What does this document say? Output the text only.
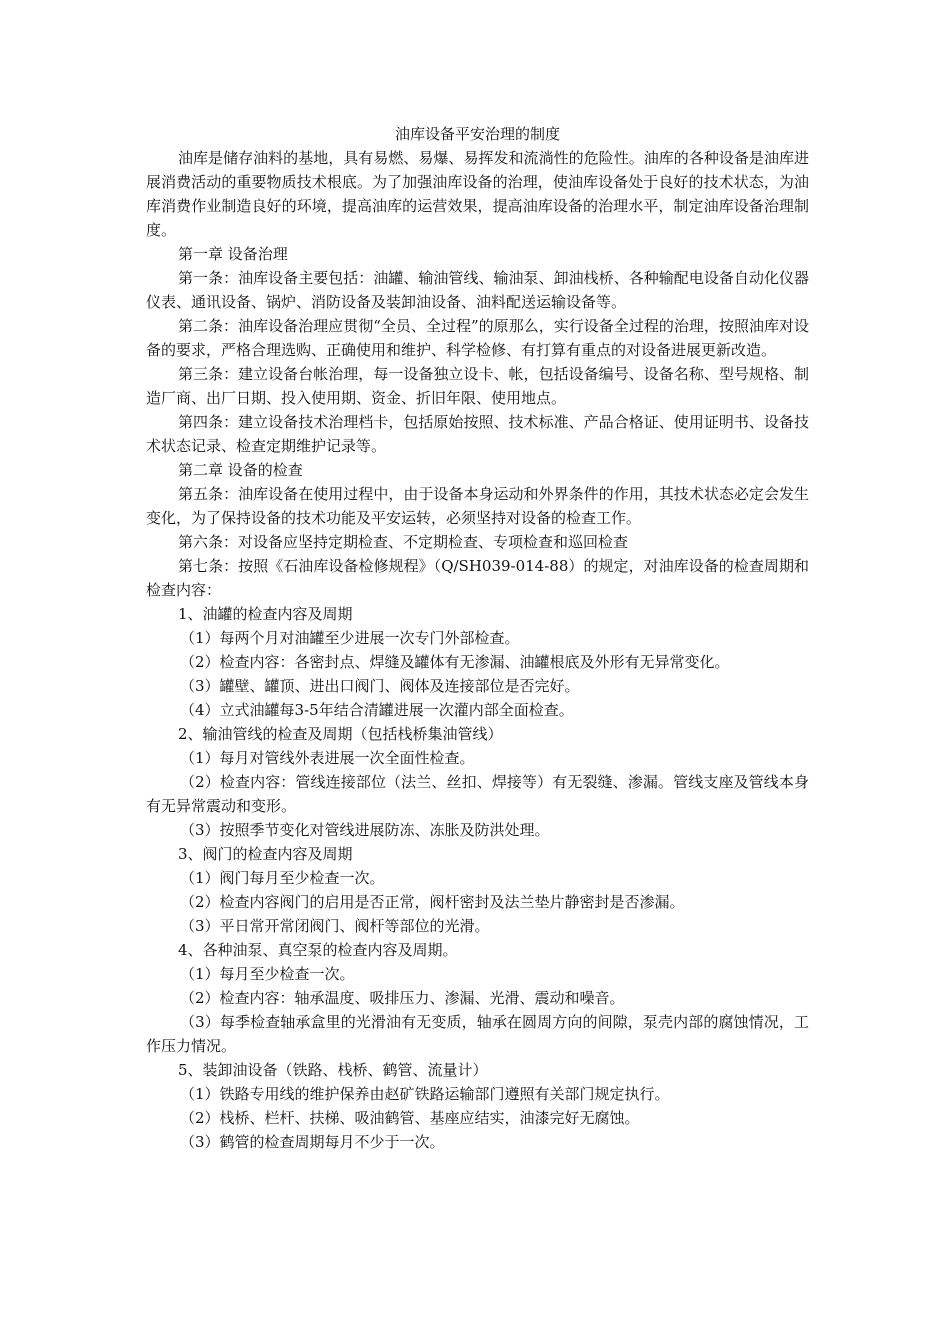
油库设备平安治理的制度

油库是储存油料的基地，具有易燃、易爆、易挥发和流淌性的危险性。油库的各种设备是油库进展消费活动的重要物质技术根底。为了加强油库设备的治理，使油库设备处于良好的技术状态，为油库消费作业制造良好的环境，提高油库的运营效果，提高油库设备的治理水平，制定油库设备治理制度。

第一章 设备治理

第一条：油库设备主要包括：油罐、输油管线、输油泵、卸油栈桥、各种输配电设备自动化仪器仪表、通讯设备、锅炉、消防设备及装卸油设备、油料配送运输设备等。

第二条：油库设备治理应贯彻“全员、全过程”的原那么，实行设备全过程的治理，按照油库对设备的要求，严格合理选购、正确使用和维护、科学检修、有打算有重点的对设备进展更新改造。

第三条：建立设备台帐治理，每一设备独立设卡、帐，包括设备编号、设备名称、型号规格、制造厂商、出厂日期、投入使用期、资金、折旧年限、使用地点。

第四条：建立设备技术治理档卡，包括原始按照、技术标准、产品合格证、使用证明书、设备技术状态记录、检查定期维护记录等。

第二章 设备的检查

第五条：油库设备在使用过程中，由于设备本身运动和外界条件的作用，其技术状态必定会发生变化，为了保持设备的技术功能及平安运转，必须坚持对设备的检查工作。

第六条：对设备应坚持定期检查、不定期检查、专项检查和巡回检查

第七条：按照《石油库设备检修规程》（Q/SH039-014-88）的规定，对油库设备的检查周期和检查内容：

1、油罐的检查内容及周期

（1）每两个月对油罐至少进展一次专门外部检查。

（2）检查内容：各密封点、焊缝及罐体有无渗漏、油罐根底及外形有无异常变化。

（3）罐壁、罐顶、进出口阀门、阀体及连接部位是否完好。

（4）立式油罐每3-5年结合清罐进展一次灌内部全面检查。

2、输油管线的检查及周期（包括栈桥集油管线）

（1）每月对管线外表进展一次全面性检查。

（2）检查内容：管线连接部位（法兰、丝扣、焊接等）有无裂缝、渗漏。管线支座及管线本身有无异常震动和变形。

（3）按照季节变化对管线进展防冻、冻胀及防洪处理。

3、阀门的检查内容及周期

（1）阀门每月至少检查一次。

（2）检查内容阀门的启用是否正常，阀杆密封及法兰垫片静密封是否渗漏。

（3）平日常开常闭阀门、阀杆等部位的光滑。

4、各种油泵、真空泵的检查内容及周期。

（1）每月至少检查一次。

（2）检查内容：轴承温度、吸排压力、渗漏、光滑、震动和噪音。

（3）每季检查轴承盒里的光滑油有无变质，轴承在圆周方向的间隙，泵壳内部的腐蚀情况，工作压力情况。

5、装卸油设备（铁路、栈桥、鹤管、流量计）

（1）铁路专用线的维护保养由赵矿铁路运输部门遵照有关部门规定执行。

（2）栈桥、栏杆、扶梯、吸油鹤管、基座应结实，油漆完好无腐蚀。

（3）鹤管的检查周期每月不少于一次。
